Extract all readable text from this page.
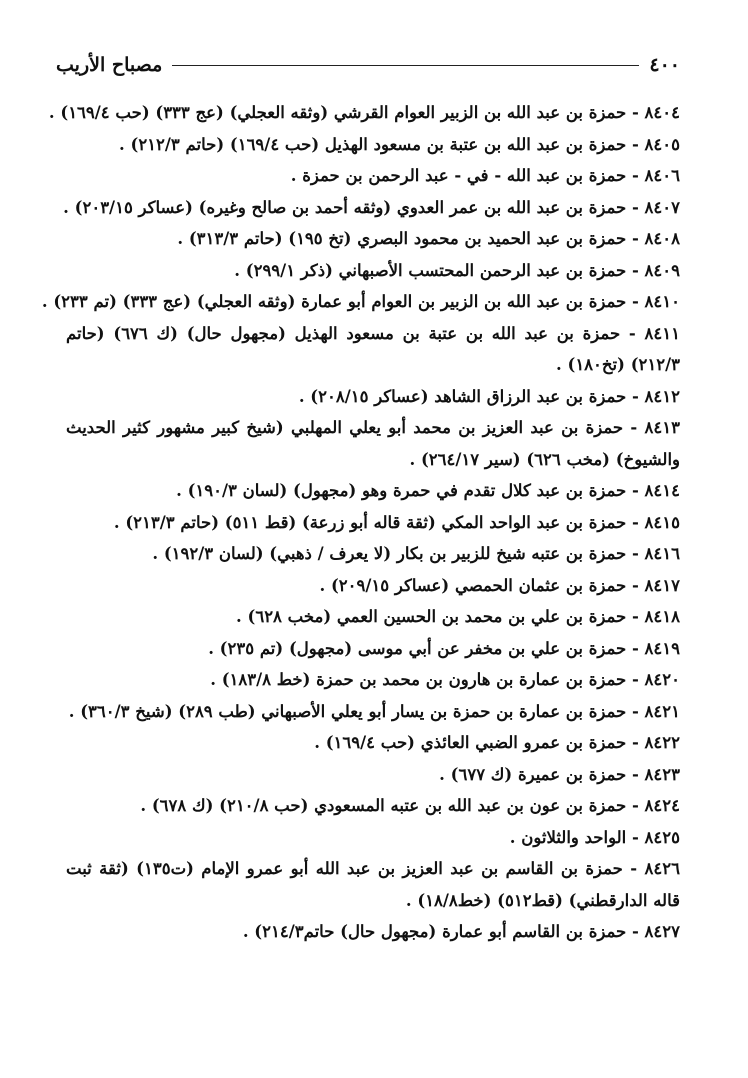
٤٠٠
مصباح الأريب
٨٤٠٤ - حمزة بن عبد الله بن الزبير العوام القرشي (وثقه العجلي) (عج ٣٣٣) (حب ١٦٩/٤) .
٨٤٠٥ - حمزة بن عبد الله بن عتبة بن مسعود الهذيل (حب ١٦٩/٤) (حاتم ٢١٢/٣) .
٨٤٠٦ - حمزة بن عبد الله - في - عبد الرحمن بن حمزة .
٨٤٠٧ - حمزة بن عبد الله بن عمر العدوي (وثقه أحمد بن صالح وغيره) (عساكر ٢٠٣/١٥) .
٨٤٠٨ - حمزة بن عبد الحميد بن محمود البصري (تخ ١٩٥) (حاتم ٣١٣/٣) .
٨٤٠٩ - حمزة بن عبد الرحمن المحتسب الأصبهاني (ذكر ٢٩٩/١) .
٨٤١٠ - حمزة بن عبد الله بن الزبير بن العوام أبو عمارة (وثقه العجلي) (عج ٣٣٣) (تم ٢٣٣) .
٨٤١١ - حمزة بن عبد الله بن عتبة بن مسعود الهذيل (مجهول حال) (ك ٦٧٦) (حاتم ٢١٢/٣) (تخ١٨٠) .
٨٤١٢ - حمزة بن عبد الرزاق الشاهد (عساكر ٢٠٨/١٥) .
٨٤١٣ - حمزة بن عبد العزيز بن محمد أبو يعلي المهلبي (شيخ كبير مشهور كثير الحديث والشيوخ) (مخب ٦٢٦) (سير ٢٦٤/١٧) .
٨٤١٤ - حمزة بن عبد كلال تقدم في حمرة وهو (مجهول) (لسان ١٩٠/٣) .
٨٤١٥ - حمزة بن عبد الواحد المكي (ثقة قاله أبو زرعة) (قط ٥١١) (حاتم ٢١٣/٣) .
٨٤١٦ - حمزة بن عتبه شيخ للزبير بن بكار (لا يعرف / ذهبي) (لسان ١٩٢/٣) .
٨٤١٧ - حمزة بن عثمان الحمصي (عساكر ٢٠٩/١٥) .
٨٤١٨ - حمزة بن علي بن محمد بن الحسين العمي (مخب ٦٢٨) .
٨٤١٩ - حمزة بن علي بن مخفر عن أبي موسى (مجهول) (تم ٢٣٥) .
٨٤٢٠ - حمزة بن عمارة بن هارون بن محمد بن حمزة (خط ١٨٣/٨) .
٨٤٢١ - حمزة بن عمارة بن حمزة بن يسار أبو يعلي الأصبهاني (طب ٢٨٩) (شيخ ٣٦٠/٣) .
٨٤٢٢ - حمزة بن عمرو الضبي العائذي (حب ١٦٩/٤) .
٨٤٢٣ - حمزة بن عميرة (ك ٦٧٧) .
٨٤٢٤ - حمزة بن عون بن عبد الله بن عتبه المسعودي (حب ٢١٠/٨) (ك ٦٧٨) .
٨٤٢٥ - الواحد والثلاثون .
٨٤٢٦ - حمزة بن القاسم بن عبد العزيز بن عبد الله أبو عمرو الإمام (ت١٣٥) (ثقة ثبت قاله الدارقطني) (قط٥١٢) (خط١٨/٨) .
٨٤٢٧ - حمزة بن القاسم أبو عمارة (مجهول حال) حاتم٢١٤/٣) .
